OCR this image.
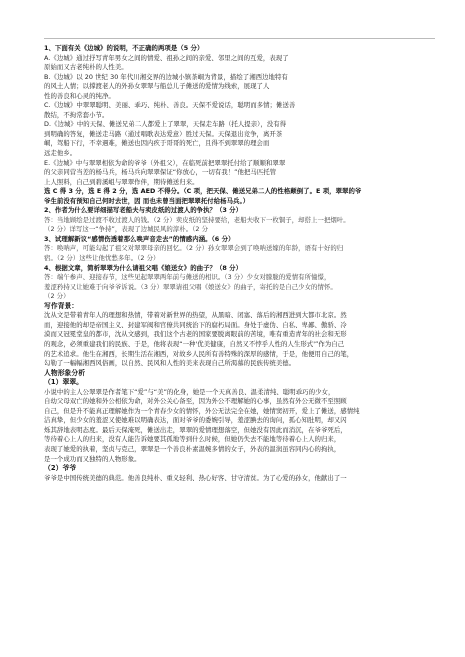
1、下面有关《边城》的说明，不正确的两项是（5 分）
A.《边城》通过抒写青年男女之间的情爱、祖孙之间的亲爱、邻里之间的互爱，表现了
原始而又古老纯朴的人性美。
B.《边城》以 20 世纪 30 年代川湘交界的边城小镇茶峒为背景，描绘了湘西边地特有
的风土人情；以撑渡老人的外孙女翠翠与船总儿子傩送的爱情为线索，展现了人
性的善良和心灵的纯净。
C.《边城》中翠翠聪明、美丽、乖巧、纯朴、善良。天保不爱说话，聪明而多情；傩送善
散结，不拘常套小节。
D.《边城》中的天保、傩送兄弟二人都爱上了翠翠，天保走车路（托人提亲），没有得
到明确的答复，傩送走马路（通过唱歌表达爱意）胜过天保。天保退出竞争，离开茶
峒，驾船下行，不幸遇难，傩送也因内疚于哥哥的死亡，且得不到翠翠的理会而
远走他乡。
E.《边城》中与翠翠相依为命的爷爷（外祖父），在临死前把翠翠托付给了顺顺和翠翠
的父亲同营当差的杨马兵，杨马兵向翠翠保证“你放心，一切有我！”他把马匹托管
上人照料，自己到碧溪岨与翠翠作伴，期待傩送归来。
选 C 得 3 分，选 E 得 2 分，选 AED 不得分。（C 项，把天保、傩送兄弟二人的性格颠倒了。E 项，翠翠的爷
爷生前没有预知自己何时去世，因 而也未曾当面把翠翠托付给杨马兵。）
2、作者为什么要详细描写老船夫与卖皮纸的过渡人的争执？（3 分）
答：当地顾绘是过渡不收过渡人的钱。（2 分）卖皮纸的坚持要给，老船夫收下一枚铜子，却搭上一把烟叶。
（2 分）详写这一“争持”，表现了边城民风的淳朴。（2 分
3、试理解新议“感情伤透着那么唤声音走去”的情感内涵。（6 分）
答：唤呐声，可能勾起了祖父对翠翠母亲的回忆。（2 分）孙女翠翠会到了唤呐送嫁的年龄，语有十好的归
宿。（2 分）这些让他忧愁多年。（2 分）
4、根据文章，简析翠翠为什么请祖父唱《娘送女》的曲子？（8 分）
答：端午参声、迎接春节，这些见起翠翠两年前与傩送的相识。（3 分）少女对朦胧的爱情有所憧憬，
羞涩矜持又让她难于向爷爷诉说。（3 分）翠翠请祖父唱《娘送女》的曲子，寄托的是自己少女的情怀。
（2 分）
写作背景：
沈从文是带着青年人的理想和热情，带着对新世界的热望，从黑暗、闭塞、落后的湘西进到大都市北京。然
而，迎接他的却是帝国主义、封建军阀和官僚共同统治下的腐朽局面。身处于虚伪、自私、卑鄙、傲骄、冷
漠而又冠冕堂皇的都市，沈从文感到，我们这个古老的国家要脱离眼前的苦境，唯有重造青年的社会和无形
的观念，必须重建我们的民族、于是，他将表现“一种'优美健康，自然又不悖乎人性的人生形式'”作为自己
的艺术追求。他生在湘西，长期生活在湘西，对故乡人民所有善特殊的深厚的感情，于是，他便用自己的笔，
勾勒了一幅幅湘西风俗画，以自然、民风和人性的美来表现自己所渴慕的民族传统美德。
人物形象分析
（1）翠翠。
小说中的主人公翠翠是作者笔下“爱”与“美”的化身，她是一个天真善良、温柔清纯、聪明乖巧的少女，
自幼父母双亡的她和外公相依为命，对外公关心备至，因为外公不理解她的心事，虽然有外公无微不至照顾
自己，但是升不能真正理解她作为一个青春少女的情怀，外公无法完全在她，她情窦初开，爱上了傩送，感情纯
洁真挚，但少女的羞涩又使她难以明确表达，面对爷爷的委婉引导，羞涩腆去的询问，孤心知肚明，却又闪
烁其辞地表明态度。最后天保淹死，傩送出走，翠翠的爱情理想落空，但她没有因此而消沉，在爷爷死后，
等待着心上人的归来，没有人能告诉她要其孤地等到什么时候，但她仍失去不能地等待着心上人的归来，
表现了她爱的执着，坚贞与克己，翠翠是一个善良朴素温婉多情的女子，外表的温润虽容同内心的拘执，
是一个成功而又独特的人物形象。
（2）爷爷
爷爷是中国传统美德的典范。他善良纯朴、重义轻利、热心好客、甘守清贫。为了心爱的孙女，他献出了一
